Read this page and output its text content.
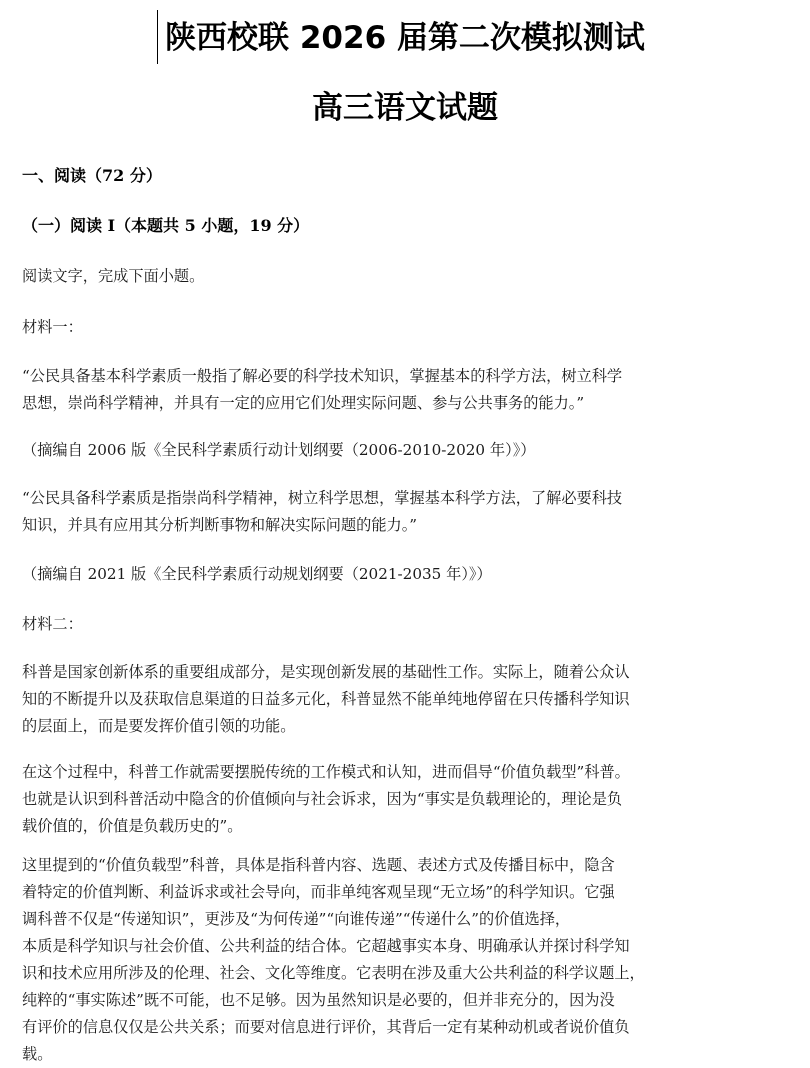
陕西校联 2026 届第二次模拟测试
高三语文试题
一、阅读（72 分）
（一）阅读 I（本题共 5 小题，19 分）
阅读文字，完成下面小题。
材料一：
“公民具备基本科学素质一般指了解必要的科学技术知识，掌握基本的科学方法，树立科学
思想，崇尚科学精神，并具有一定的应用它们处理实际问题、参与公共事务的能力。”
（摘编自 2006 版《全民科学素质行动计划纲要（2006-2010-2020 年）》）
“公民具备科学素质是指崇尚科学精神，树立科学思想，掌握基本科学方法，了解必要科技
知识，并具有应用其分析判断事物和解决实际问题的能力。”
（摘编自 2021 版《全民科学素质行动规划纲要（2021-2035 年）》）
材料二：
科普是国家创新体系的重要组成部分，是实现创新发展的基础性工作。实际上，随着公众认
知的不断提升以及获取信息渠道的日益多元化，科普显然不能单纯地停留在只传播科学知识
的层面上，而是要发挥价值引领的功能。
在这个过程中，科普工作就需要摆脱传统的工作模式和认知，进而倡导“价值负载型”科普。
也就是认识到科普活动中隐含的价值倾向与社会诉求，因为“事实是负载理论的，理论是负
载价值的，价值是负载历史的”。
这里提到的“价值负载型”科普，具体是指科普内容、选题、表述方式及传播目标中，隐含
着特定的价值判断、利益诉求或社会导向，而非单纯客观呈现“无立场”的科学知识。它强
调科普不仅是“传递知识”，更涉及“为何传递”“向谁传递”“传递什么”的价值选择，
本质是科学知识与社会价值、公共利益的结合体。它超越事实本身、明确承认并探讨科学知
识和技术应用所涉及的伦理、社会、文化等维度。它表明在涉及重大公共利益的科学议题上，
纯粹的“事实陈述”既不可能，也不足够。因为虽然知识是必要的，但并非充分的，因为没
有评价的信息仅仅是公共关系；而要对信息进行评价，其背后一定有某种动机或者说价值负
载。
